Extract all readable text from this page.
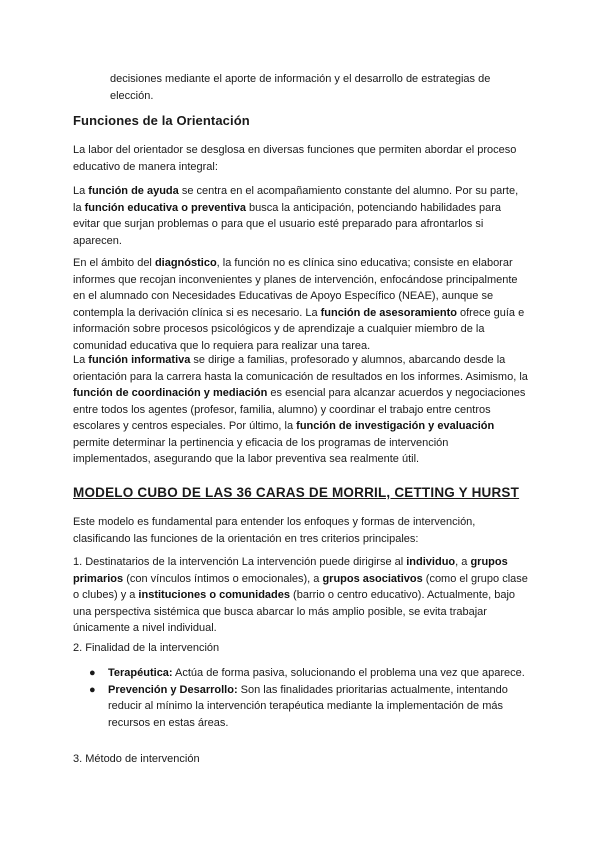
decisiones mediante el aporte de información y el desarrollo de estrategias de elección.

Funciones de la Orientación

La labor del orientador se desglosa en diversas funciones que permiten abordar el proceso educativo de manera integral:

La función de ayuda se centra en el acompañamiento constante del alumno. Por su parte, la función educativa o preventiva busca la anticipación, potenciando habilidades para evitar que surjan problemas o para que el usuario esté preparado para afrontarlos si aparecen.

En el ámbito del diagnóstico, la función no es clínica sino educativa; consiste en elaborar informes que recojan inconvenientes y planes de intervención, enfocándose principalmente en el alumnado con Necesidades Educativas de Apoyo Específico (NEAE), aunque se contempla la derivación clínica si es necesario. La función de asesoramiento ofrece guía e información sobre procesos psicológicos y de aprendizaje a cualquier miembro de la comunidad educativa que lo requiera para realizar una tarea.

La función informativa se dirige a familias, profesorado y alumnos, abarcando desde la orientación para la carrera hasta la comunicación de resultados en los informes. Asimismo, la función de coordinación y mediación es esencial para alcanzar acuerdos y negociaciones entre todos los agentes (profesor, familia, alumno) y coordinar el trabajo entre centros escolares y centros especiales. Por último, la función de investigación y evaluación permite determinar la pertinencia y eficacia de los programas de intervención implementados, asegurando que la labor preventiva sea realmente útil.

MODELO CUBO DE LAS 36 CARAS DE MORRIL, CETTING Y HURST

Este modelo es fundamental para entender los enfoques y formas de intervención, clasificando las funciones de la orientación en tres criterios principales:

1. Destinatarios de la intervención La intervención puede dirigirse al individuo, a grupos primarios (con vínculos íntimos o emocionales), a grupos asociativos (como el grupo clase o clubes) y a instituciones o comunidades (barrio o centro educativo). Actualmente, bajo una perspectiva sistémica que busca abarcar lo más amplio posible, se evita trabajar únicamente a nivel individual.

2. Finalidad de la intervención

● Terapéutica: Actúa de forma pasiva, solucionando el problema una vez que aparece.
● Prevención y Desarrollo: Son las finalidades prioritarias actualmente, intentando reducir al mínimo la intervención terapéutica mediante la implementación de más recursos en estas áreas.

3. Método de intervención
